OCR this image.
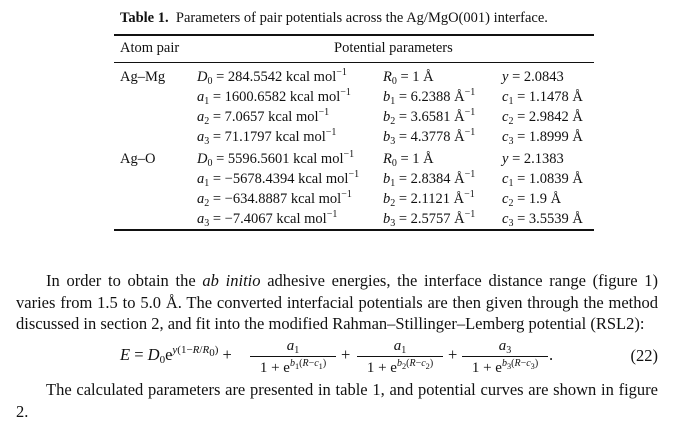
Table 1. Parameters of pair potentials across the Ag/MgO(001) interface.
Atom pair	Potential parameters
Ag–Mg $D_0 = 284.5542$ kcal mol$^{-1}$ $R_0 = 1$ Å	y = 2.0843
$a_1 = 1600.6582$ kcal mol$^{-1}$ $b_1 = 6.2388$ $Å^{-1}$ $c_1 = 1.1478$ Å
$a_2 = 7.0657$ kcal mol$^{-1}$	$b_2 = 3.6581$ $Å^{-1}$ $c_2 = 2.9842$ Å
$a_3 = 71.1797$ kcal mol$^{-1}$	$b_3 = 4.3778$ $Å^{-1}$ $c_3 = 1.8999$ Å
Ag–O	$D_0 = 5596.5601$ kcal mol$^{-1}$ $R_0 = 1$ Å	y = 2.1383
$a_1 = -5678.4394$ kcal mol$^{-1}$ $b_1 = 2.8384$ $Å^{-1}$ $c_1 = 1.0839$ Å
$a_2 = -634.8887$ kcal mol$^{-1}$ $b_2 = 2.1121$ $Å^{-1}$ $c_2 = 1.9$ Å
$a_3 = -7.4067$ kcal mol$^{-1}$	$b_3 = 2.5757$ $Å^{-1}$ $c_3 = 3.5539$ Å
In order to obtain the ab initio adhesive energies, the interface distance range (figure 1) varies from 1.5 to 5.0 Å. The converted interfacial potentials are then given through the method discussed in section 2, and fit into the modified Rahman–Stillinger–Lemberg potential (RSL2):
$E = D_0e^{y(1-R/R_0)}$ +	$a_1$
$1 + e^{b_1(R-c_1)}$ +	$a_1$
$1 + e^{b_2(R-c_2)}$ +	$a_3$
$1 + e^{b_3(R-c_3)}$ .	(22)
The calculated parameters are presented in table 1, and potential curves are shown in figure 2.
